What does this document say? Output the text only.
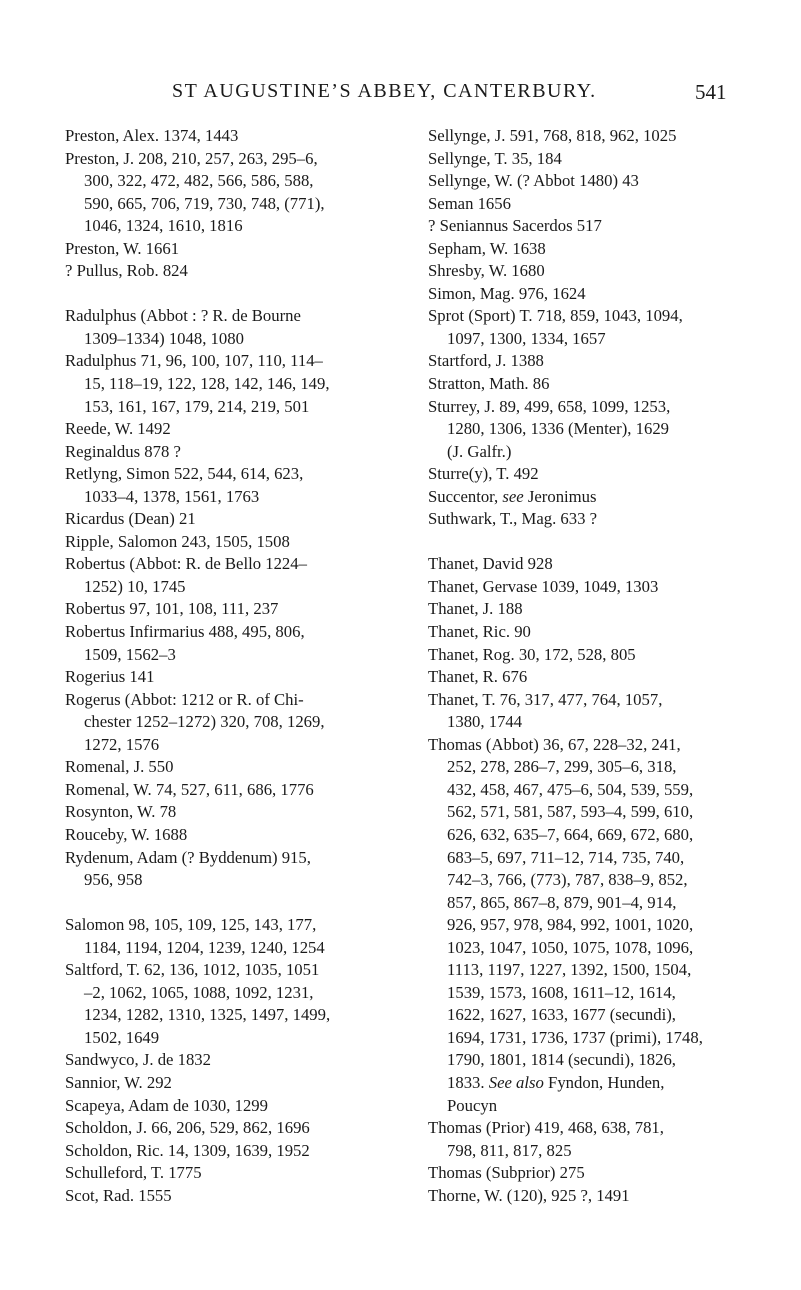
ST AUGUSTINE’S ABBEY, CANTERBURY.	541
Preston, Alex. 1374, 1443
Preston, J. 208, 210, 257, 263, 295–6,
300, 322, 472, 482, 566, 586, 588,
590, 665, 706, 719, 730, 748, (771),
1046, 1324, 1610, 1816
Preston, W. 1661
? Pullus, Rob. 824
Radulphus (Abbot : ? R. de Bourne
1309–1334) 1048, 1080
Radulphus 71, 96, 100, 107, 110, 114–
15, 118–19, 122, 128, 142, 146, 149,
153, 161, 167, 179, 214, 219, 501
Reede, W. 1492
Reginaldus 878 ?
Retlyng, Simon 522, 544, 614, 623,
1033–4, 1378, 1561, 1763
Ricardus (Dean) 21
Ripple, Salomon 243, 1505, 1508
Robertus (Abbot: R. de Bello 1224–
1252) 10, 1745
Robertus 97, 101, 108, 111, 237
Robertus Infirmarius 488, 495, 806,
1509, 1562–3
Rogerius 141
Rogerus (Abbot: 1212 or R. of Chi-
chester 1252–1272) 320, 708, 1269,
1272, 1576
Romenal, J. 550
Romenal, W. 74, 527, 611, 686, 1776
Rosynton, W. 78
Rouceby, W. 1688
Rydenum, Adam (? Byddenum) 915,
956, 958
Salomon 98, 105, 109, 125, 143, 177,
1184, 1194, 1204, 1239, 1240, 1254
Saltford, T. 62, 136, 1012, 1035, 1051
–2, 1062, 1065, 1088, 1092, 1231,
1234, 1282, 1310, 1325, 1497, 1499,
1502, 1649
Sandwyco, J. de 1832
Sannior, W. 292
Scapeya, Adam de 1030, 1299
Scholdon, J. 66, 206, 529, 862, 1696
Scholdon, Ric. 14, 1309, 1639, 1952
Schulleford, T. 1775
Scot, Rad. 1555
Sellynge, J. 591, 768, 818, 962, 1025
Sellynge, T. 35, 184
Sellynge, W. (? Abbot 1480) 43
Seman 1656
? Seniannus Sacerdos 517
Sepham, W. 1638
Shresby, W. 1680
Simon, Mag. 976, 1624
Sprot (Sport) T. 718, 859, 1043, 1094,
1097, 1300, 1334, 1657
Startford, J. 1388
Stratton, Math. 86
Sturrey, J. 89, 499, 658, 1099, 1253,
1280, 1306, 1336 (Menter), 1629
(J. Galfr.)
Sturre(y), T. 492
Succentor, see Jeronimus
Suthwark, T., Mag. 633 ?
Thanet, David 928
Thanet, Gervase 1039, 1049, 1303
Thanet, J. 188
Thanet, Ric. 90
Thanet, Rog. 30, 172, 528, 805
Thanet, R. 676
Thanet, T. 76, 317, 477, 764, 1057,
1380, 1744
Thomas (Abbot) 36, 67, 228–32, 241,
252, 278, 286–7, 299, 305–6, 318,
432, 458, 467, 475–6, 504, 539, 559,
562, 571, 581, 587, 593–4, 599, 610,
626, 632, 635–7, 664, 669, 672, 680,
683–5, 697, 711–12, 714, 735, 740,
742–3, 766, (773), 787, 838–9, 852,
857, 865, 867–8, 879, 901–4, 914,
926, 957, 978, 984, 992, 1001, 1020,
1023, 1047, 1050, 1075, 1078, 1096,
1113, 1197, 1227, 1392, 1500, 1504,
1539, 1573, 1608, 1611–12, 1614,
1622, 1627, 1633, 1677 (secundi),
1694, 1731, 1736, 1737 (primi), 1748,
1790, 1801, 1814 (secundi), 1826,
1833. See also Fyndon, Hunden,
Poucyn
Thomas (Prior) 419, 468, 638, 781,
798, 811, 817, 825
Thomas (Subprior) 275
Thorne, W. (120), 925 ?, 1491
